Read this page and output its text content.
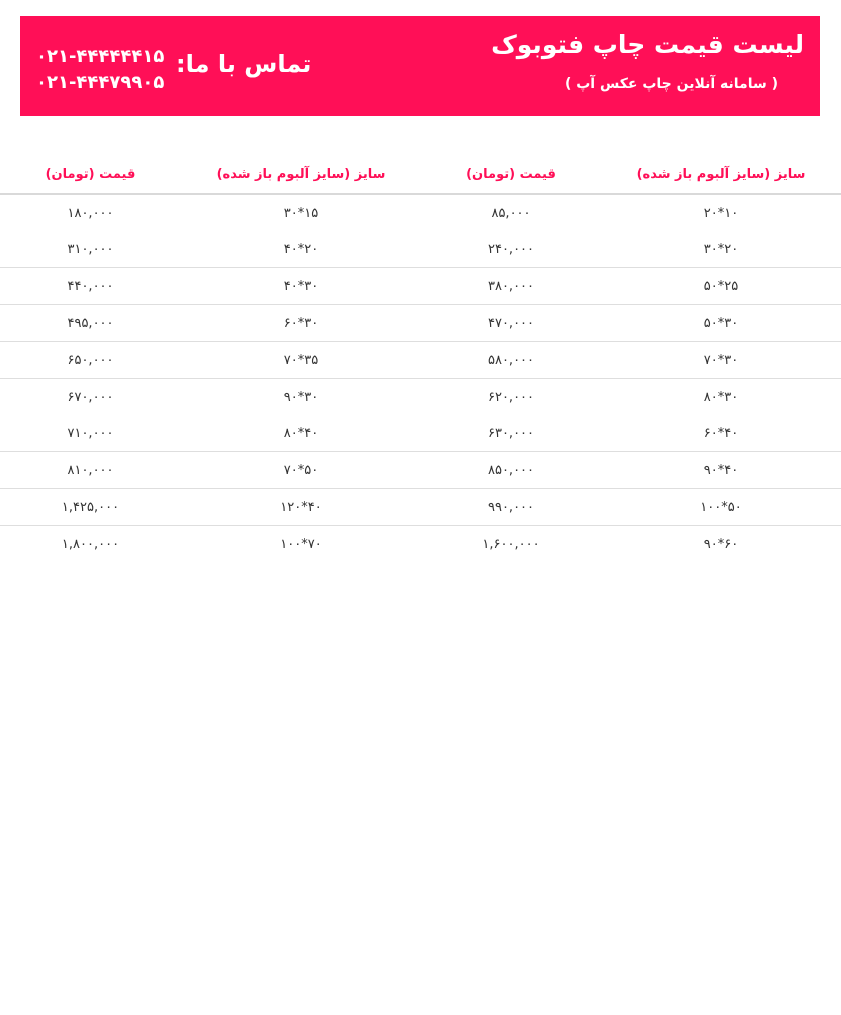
لیست قیمت چاپ فتوبوک
( سامانه آنلاین چاپ عکس آپ )
تماس با ما:
۰۲۱-۴۴۴۴۴۴۱۵
۰۲۱-۴۴۴۷۹۹۰۵
سایز (سایز آلبوم باز شده)	قیمت (تومان)	سایز (سایز آلبوم باز شده)	قیمت (تومان)
۱۰*۲۰	۸۵,۰۰۰	۱۵*۳۰	۱۸۰,۰۰۰
۲۰*۳۰	۲۴۰,۰۰۰	۲۰*۴۰	۳۱۰,۰۰۰
۲۵*۵۰	۳۸۰,۰۰۰	۳۰*۴۰	۴۴۰,۰۰۰
۳۰*۵۰	۴۷۰,۰۰۰	۳۰*۶۰	۴۹۵,۰۰۰
۳۰*۷۰	۵۸۰,۰۰۰	۳۵*۷۰	۶۵۰,۰۰۰
۳۰*۸۰	۶۲۰,۰۰۰	۳۰*۹۰	۶۷۰,۰۰۰
۴۰*۶۰	۶۳۰,۰۰۰	۴۰*۸۰	۷۱۰,۰۰۰
۴۰*۹۰	۸۵۰,۰۰۰	۵۰*۷۰	۸۱۰,۰۰۰
۵۰*۱۰۰	۹۹۰,۰۰۰	۴۰*۱۲۰	۱,۴۲۵,۰۰۰
۶۰*۹۰	۱,۶۰۰,۰۰۰	۷۰*۱۰۰	۱,۸۰۰,۰۰۰
